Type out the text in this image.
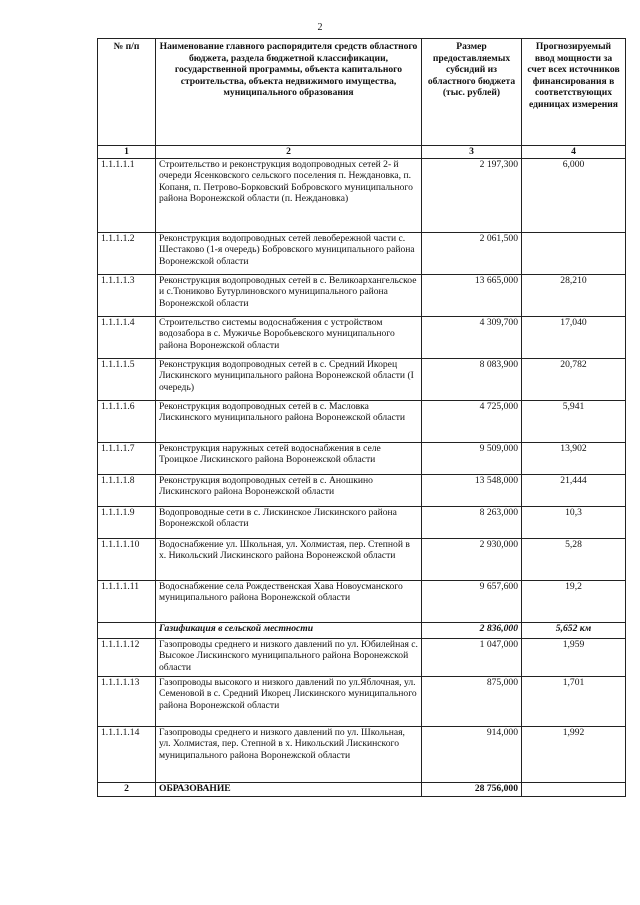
2
№ п/п	Наименование главного распорядителя средств областного бюджета, раздела бюджетной классификации, государственной программы, объекта капитального строительства, объекта недвижимого имущества, муниципального образования	Размер предоставляемых субсидий из областного бюджета (тыс. рублей)	Прогнозируемый ввод мощности за счет всех источников финансирования в соответствующих единицах измерения
1	2	3	4
1.1.1.1.1	Строительство и реконструкция водопроводных сетей 2- й очереди Ясенковского сельского поселения п. Неждановка, п. Копаня, п. Петрово-Борковский Бобровского муниципального района Воронежской области (п. Неждановка)	2 197,300	6,000
1.1.1.1.2	Реконструкция водопроводных сетей левобережной части с. Шестаково (1-я очередь) Бобровского муниципального района Воронежской области	2 061,500	
1.1.1.1.3	Реконструкция водопроводных сетей в с. Великоархангельское и с.Тюниково Бутурлиновского муниципального района Воронежской области	13 665,000	28,210
1.1.1.1.4	Строительство системы водоснабжения с устройством водозабора в с. Мужичье Воробьевского муниципального района Воронежской области	4 309,700	17,040
1.1.1.1.5	Реконструкция водопроводных сетей в с. Средний Икорец Лискинского муниципального района Воронежской области (I очередь)	8 083,900	20,782
1.1.1.1.6	Реконструкция водопроводных сетей в с. Масловка Лискинского муниципального района Воронежской области	4 725,000	5,941
1.1.1.1.7	Реконструкция наружных сетей водоснабжения в селе Троицкое Лискинского района Воронежской области	9 509,000	13,902
1.1.1.1.8	Реконструкция водопроводных сетей в с. Аношкино Лискинского района Воронежской области	13 548,000	21,444
1.1.1.1.9	Водопроводные сети в с. Лискинское Лискинского района Воронежской области	8 263,000	10,3
1.1.1.1.10	Водоснабжение ул. Школьная, ул. Холмистая, пер. Степной в х. Никольский Лискинского района Воронежской области	2 930,000	5,28
1.1.1.1.11	Водоснабжение села Рождественская Хава Новоусманского муниципального района Воронежской области	9 657,600	19,2
	Газификация в сельской местности	2 836,000	5,652 км
1.1.1.1.12	Газопроводы среднего и низкого давлений по ул. Юбилейная с. Высокое Лискинского муниципального района Воронежской области	1 047,000	1,959
1.1.1.1.13	Газопроводы высокого и низкого давлений по ул.Яблочная, ул. Семеновой в с. Средний Икорец Лискинского муниципального района Воронежской области	875,000	1,701
1.1.1.1.14	Газопроводы среднего и низкого давлений по ул. Школьная, ул. Холмистая, пер. Степной в х. Никольский Лискинского муниципального района Воронежской области	914,000	1,992
2	ОБРАЗОВАНИЕ	28 756,000	
